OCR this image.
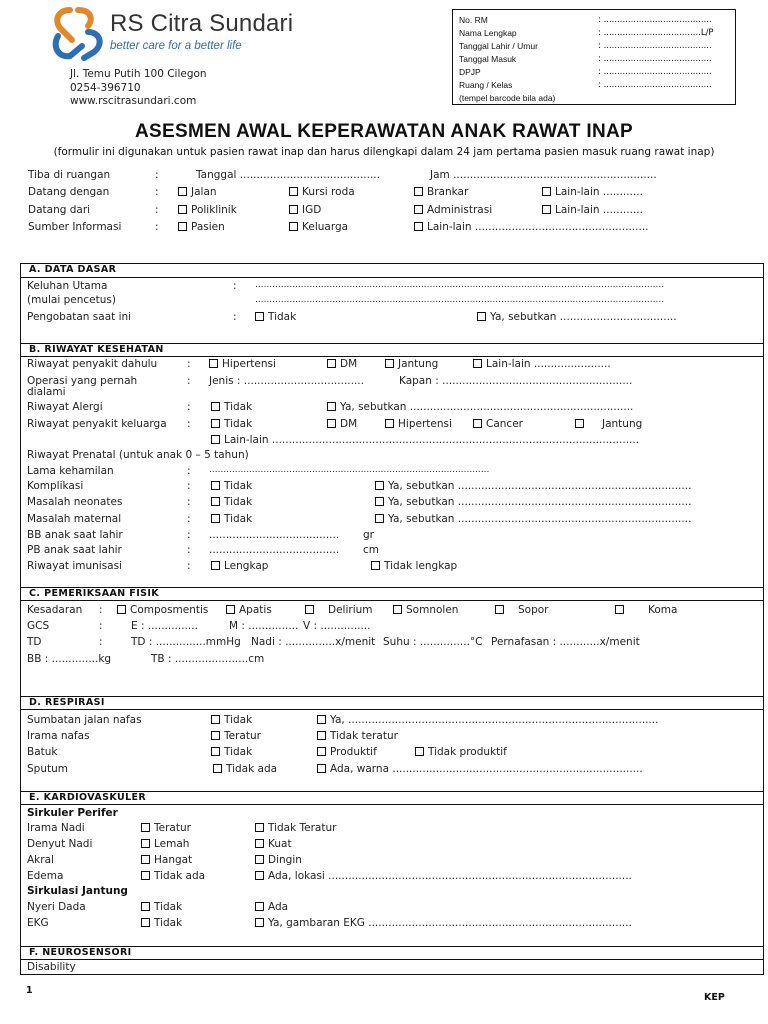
RS Citra Sundari
better care for a better life
Jl. Temu Putih 100 Cilegon
0254-396710
www.rscitrasundari.com
No. RM	: ........................................
Nama Lengkap	: ....................................L/P
Tanggal Lahir / Umur	: ........................................
Tanggal Masuk	: ........................................
DPJP	: ........................................
Ruang / Kelas	: ........................................
(tempel barcode bila ada)
ASESMEN AWAL KEPERAWATAN ANAK RAWAT INAP
(formulir ini digunakan untuk pasien rawat inap dan harus dilengkapi dalam 24 jam pertama pasien masuk ruang rawat inap)
Tiba di ruangan	:	Tanggal ..........................................	Jam .............................................................
Datang dengan	:	Jalan	Kursi roda	Brankar	Lain-lain ............
Datang dari	:	Poliklinik	IGD	Administrasi	Lain-lain ............
Sumber Informasi	:	Pasien	Keluarga	Lain-lain ....................................................
A. DATA DASAR
Keluhan Utama	: ...............................................................................................................................................
(mulai pencetus)	...............................................................................................................................................
Pengobatan saat ini	:	Tidak	Ya, sebutkan ...................................
B. RIWAYAT KESEHATAN
Riwayat penyakit dahulu	:	Hipertensi	DM	Jantung	Lain-lain .......................
Operasi yang pernah
dialami
: Jenis : ....................................	Kapan : .........................................................
Riwayat Alergi	:	Tidak	Ya, sebutkan ...................................................................
Riwayat penyakit keluarga :	Tidak	DM	Hipertensi	Cancer	Jantung
Lain-lain ..............................................................................................................
Riwayat Prenatal (untuk anak 0 – 5 tahun)
Lama kehamilan	: ..................................................................................................
Komplikasi	:	Tidak	Ya, sebutkan ......................................................................
Masalah neonates	:	Tidak	Ya, sebutkan ......................................................................
Masalah maternal	:	Tidak	Ya, sebutkan ......................................................................
BB anak saat lahir	: ....................................... gr
PB anak saat lahir	: ....................................... cm
Riwayat imunisasi	:	Lengkap	Tidak lengkap
C. PEMERIKSAAN FISIK
Kesadaran :	Composmentis	Apatis	Delirium	Somnolen	Sopor	Koma
GCS	:	E : ...............	M : ............... V : ...............
TD	:	TD : ...............mmHg Nadi : ...............x/menit Suhu : ...............°C Pernafasan : ............x/menit
BB : ..............kg	TB : ......................cm
D. RESPIRASI
Sumbatan jalan nafas	Tidak	Ya, .............................................................................................
Irama nafas	Teratur	Tidak teratur
Batuk	Tidak	Produktif	Tidak produktif
Sputum	Tidak ada	Ada, warna ...........................................................................
E. KARDIOVASKULER
Sirkuler Perifer
Irama Nadi	Teratur	Tidak Teratur
Denyut Nadi	Lemah	Kuat
Akral	Hangat	Dingin
Edema	Tidak ada	Ada, lokasi ...........................................................................................
Sirkulasi Jantung
Nyeri Dada	Tidak	Ada
EKG	Tidak	Ya, gambaran EKG ...............................................................................
F. NEUROSENSORI
Disability
1
KEP
